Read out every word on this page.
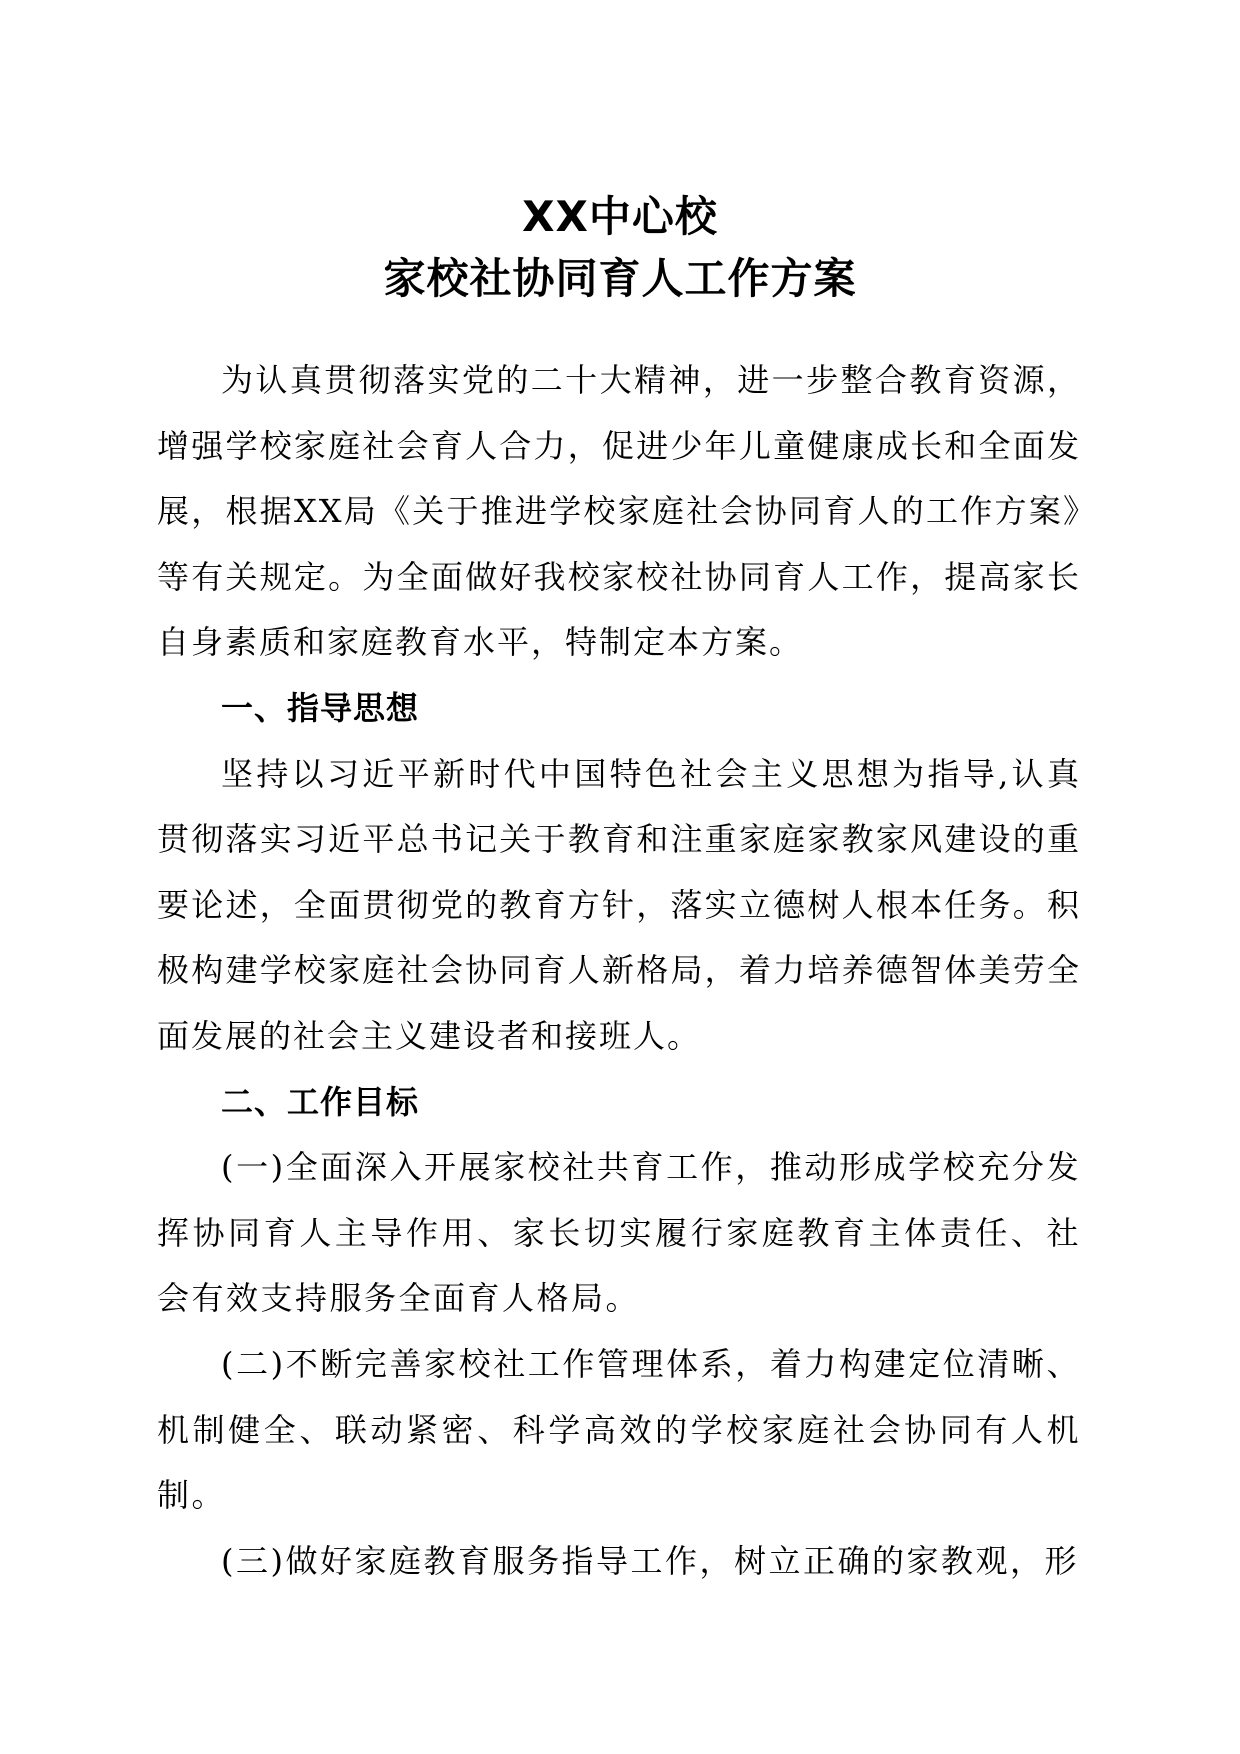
XX中心校
家校社协同育人工作方案

为认真贯彻落实党的二十大精神，进一步整合教育资源，增强学校家庭社会育人合力，促进少年儿童健康成长和全面发展，根据XX局《关于推进学校家庭社会协同育人的工作方案》等有关规定。为全面做好我校家校社协同育人工作，提高家长自身素质和家庭教育水平，特制定本方案。

一、指导思想

坚持以习近平新时代中国特色社会主义思想为指导,认真贯彻落实习近平总书记关于教育和注重家庭家教家风建设的重要论述，全面贯彻党的教育方针，落实立德树人根本任务。积极构建学校家庭社会协同育人新格局，着力培养德智体美劳全面发展的社会主义建设者和接班人。

二、工作目标

(一)全面深入开展家校社共育工作，推动形成学校充分发挥协同育人主导作用、家长切实履行家庭教育主体责任、社会有效支持服务全面育人格局。

(二)不断完善家校社工作管理体系，着力构建定位清晰、机制健全、联动紧密、科学高效的学校家庭社会协同有人机制。

(三)做好家庭教育服务指导工作，树立正确的家教观，形
